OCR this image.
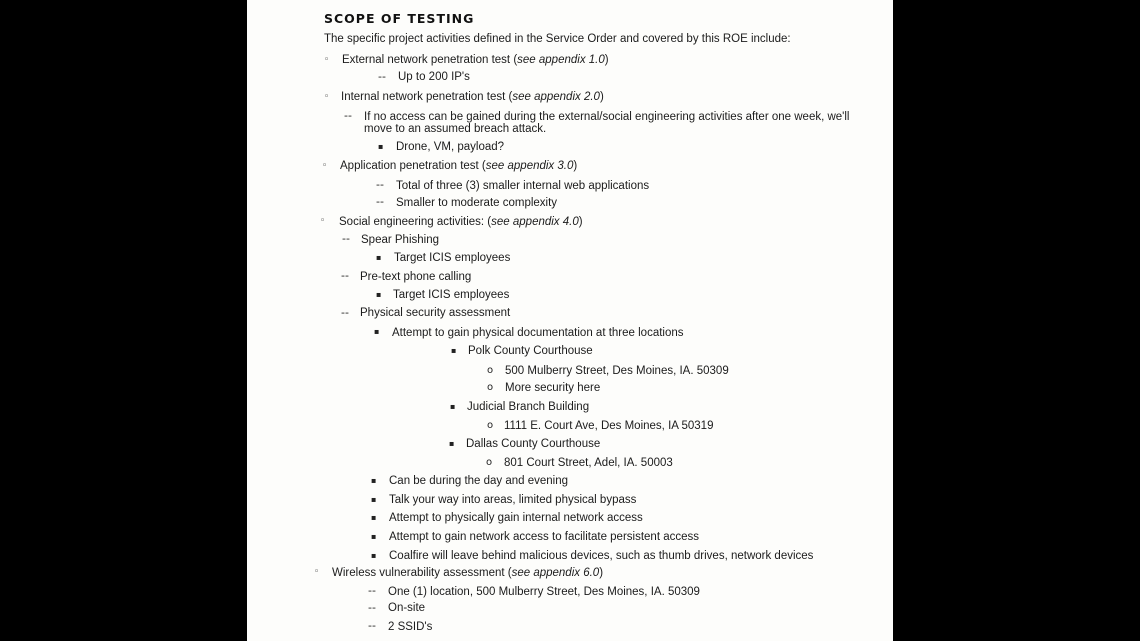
SCOPE OF TESTING
The specific project activities defined in the Service Order and covered by this ROE include:
◦ External network penetration test (see appendix 1.0)
-- Up to 200 IP's
◦ Internal network penetration test (see appendix 2.0)
-- If no access can be gained during the external/social engineering activities after one week, we'll
move to an assumed breach attack.
▪ Drone, VM, payload?
◦ Application penetration test (see appendix 3.0)
-- Total of three (3) smaller internal web applications
-- Smaller to moderate complexity
◦ Social engineering activities: (see appendix 4.0)
-- Spear Phishing
▪ Target ICIS employees
-- Pre-text phone calling
▪ Target ICIS employees
-- Physical security assessment
▪ Attempt to gain physical documentation at three locations
▪ Polk County Courthouse
o 500 Mulberry Street, Des Moines, IA. 50309
o More security here
▪ Judicial Branch Building
o 1111 E. Court Ave, Des Moines, IA 50319
▪ Dallas County Courthouse
o 801 Court Street, Adel, IA. 50003
▪ Can be during the day and evening
▪ Talk your way into areas, limited physical bypass
▪ Attempt to physically gain internal network access
▪ Attempt to gain network access to facilitate persistent access
▪ Coalfire will leave behind malicious devices, such as thumb drives, network devices
◦ Wireless vulnerability assessment (see appendix 6.0)
-- One (1) location, 500 Mulberry Street, Des Moines, IA. 50309
-- On-site
-- 2 SSID's
